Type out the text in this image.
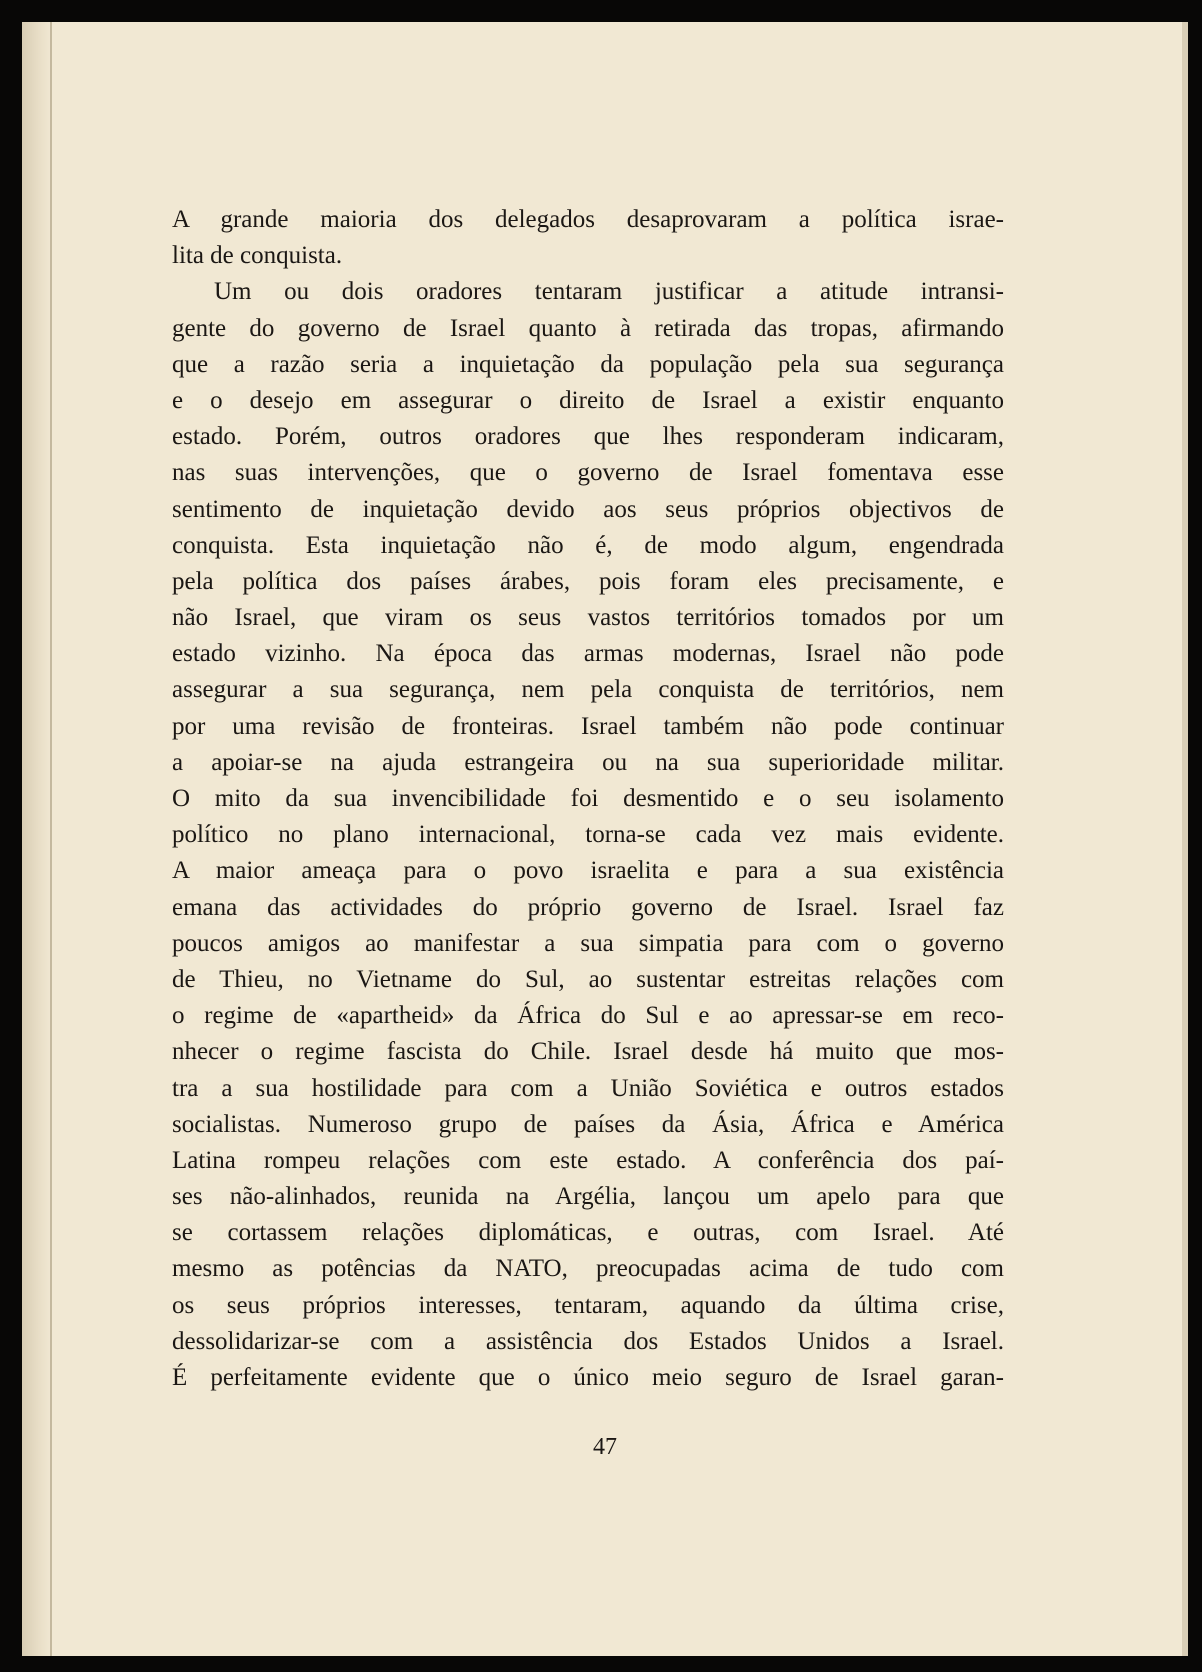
A grande maioria dos delegados desaprovaram a política israe-
lita de conquista.
Um ou dois oradores tentaram justificar a atitude intransi-
gente do governo de Israel quanto à retirada das tropas, afirmando
que a razão seria a inquietação da população pela sua segurança
e o desejo em assegurar o direito de Israel a existir enquanto
estado. Porém, outros oradores que lhes responderam indicaram,
nas suas intervenções, que o governo de Israel fomentava esse
sentimento de inquietação devido aos seus próprios objectivos de
conquista. Esta inquietação não é, de modo algum, engendrada
pela política dos países árabes, pois foram eles precisamente, e
não Israel, que viram os seus vastos territórios tomados por um
estado vizinho. Na época das armas modernas, Israel não pode
assegurar a sua segurança, nem pela conquista de territórios, nem
por uma revisão de fronteiras. Israel também não pode continuar
a apoiar-se na ajuda estrangeira ou na sua superioridade militar.
O mito da sua invencibilidade foi desmentido e o seu isolamento
político no plano internacional, torna-se cada vez mais evidente.
A maior ameaça para o povo israelita e para a sua existência
emana das actividades do próprio governo de Israel. Israel faz
poucos amigos ao manifestar a sua simpatia para com o governo
de Thieu, no Vietname do Sul, ao sustentar estreitas relações com
o regime de «apartheid» da África do Sul e ao apressar-se em reco-
nhecer o regime fascista do Chile. Israel desde há muito que mos-
tra a sua hostilidade para com a União Soviética e outros estados
socialistas. Numeroso grupo de países da Ásia, África e América
Latina rompeu relações com este estado. A conferência dos paí-
ses não-alinhados, reunida na Argélia, lançou um apelo para que
se cortassem relações diplomáticas, e outras, com Israel. Até
mesmo as potências da NATO, preocupadas acima de tudo com
os seus próprios interesses, tentaram, aquando da última crise,
dessolidarizar-se com a assistência dos Estados Unidos a Israel.
É perfeitamente evidente que o único meio seguro de Israel garan-
47
